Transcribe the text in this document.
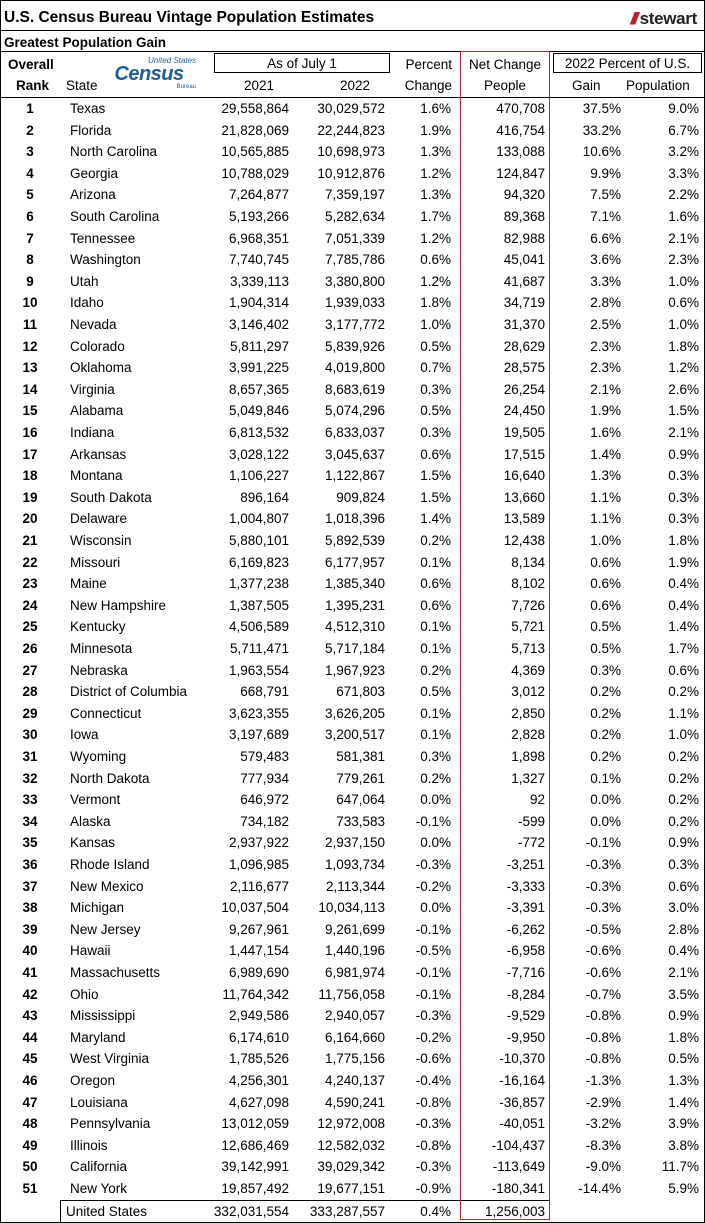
U.S. Census Bureau Vintage Population Estimates	/// stewart
Greatest Population Gain
Overall
Rank State
United States
Census
Bureau
As of July 1
2021	2022
Percent
Change
Net Change
People
2022 Percent of U.S.
Gain Population
1	Texas	29,558,864 30,029,572	1.6%	470,708	37.5%	9.0%
2	Florida	21,828,069 22,244,823	1.9%	416,754	33.2%	6.7%
3	North Carolina	10,565,885 10,698,973	1.3%	133,088	10.6%	3.2%
4	Georgia	10,788,029 10,912,876	1.2%	124,847	9.9%	3.3%
5	Arizona	7,264,877	7,359,197	1.3%	94,320	7.5%	2.2%
6	South Carolina	5,193,266	5,282,634	1.7%	89,368	7.1%	1.6%
7	Tennessee	6,968,351	7,051,339	1.2%	82,988	6.6%	2.1%
8	Washington	7,740,745	7,785,786	0.6%	45,041	3.6%	2.3%
9	Utah	3,339,113	3,380,800	1.2%	41,687	3.3%	1.0%
10	Idaho	1,904,314	1,939,033	1.8%	34,719	2.8%	0.6%
11	Nevada	3,146,402	3,177,772	1.0%	31,370	2.5%	1.0%
12	Colorado	5,811,297	5,839,926	0.5%	28,629	2.3%	1.8%
13	Oklahoma	3,991,225	4,019,800	0.7%	28,575	2.3%	1.2%
14	Virginia	8,657,365	8,683,619	0.3%	26,254	2.1%	2.6%
15	Alabama	5,049,846	5,074,296	0.5%	24,450	1.9%	1.5%
16	Indiana	6,813,532	6,833,037	0.3%	19,505	1.6%	2.1%
17	Arkansas	3,028,122	3,045,637	0.6%	17,515	1.4%	0.9%
18	Montana	1,106,227	1,122,867	1.5%	16,640	1.3%	0.3%
19	South Dakota	896,164	909,824	1.5%	13,660	1.1%	0.3%
20	Delaware	1,004,807	1,018,396	1.4%	13,589	1.1%	0.3%
21	Wisconsin	5,880,101	5,892,539	0.2%	12,438	1.0%	1.8%
22	Missouri	6,169,823	6,177,957	0.1%	8,134	0.6%	1.9%
23	Maine	1,377,238	1,385,340	0.6%	8,102	0.6%	0.4%
24	New Hampshire	1,387,505	1,395,231	0.6%	7,726	0.6%	0.4%
25	Kentucky	4,506,589	4,512,310	0.1%	5,721	0.5%	1.4%
26	Minnesota	5,711,471	5,717,184	0.1%	5,713	0.5%	1.7%
27	Nebraska	1,963,554	1,967,923	0.2%	4,369	0.3%	0.6%
28	District of Columbia	668,791	671,803	0.5%	3,012	0.2%	0.2%
29	Connecticut	3,623,355	3,626,205	0.1%	2,850	0.2%	1.1%
30	Iowa	3,197,689	3,200,517	0.1%	2,828	0.2%	1.0%
31	Wyoming	579,483	581,381	0.3%	1,898	0.2%	0.2%
32	North Dakota	777,934	779,261	0.2%	1,327	0.1%	0.2%
33	Vermont	646,972	647,064	0.0%	92	0.0%	0.2%
34	Alaska	734,182	733,583 -0.1%	-599	0.0%	0.2%
35	Kansas	2,937,922	2,937,150	0.0%	-772	-0.1%	0.9%
36	Rhode Island	1,096,985	1,093,734 -0.3%	-3,251	-0.3%	0.3%
37	New Mexico	2,116,677	2,113,344 -0.2%	-3,333	-0.3%	0.6%
38	Michigan	10,037,504 10,034,113	0.0%	-3,391	-0.3%	3.0%
39	New Jersey	9,267,961	9,261,699 -0.1%	-6,262	-0.5%	2.8%
40	Hawaii	1,447,154	1,440,196 -0.5%	-6,958	-0.6%	0.4%
41	Massachusetts	6,989,690	6,981,974 -0.1%	-7,716	-0.6%	2.1%
42	Ohio	11,764,342 11,756,058 -0.1%	-8,284	-0.7%	3.5%
43	Mississippi	2,949,586	2,940,057 -0.3%	-9,529	-0.8%	0.9%
44	Maryland	6,174,610	6,164,660 -0.2%	-9,950	-0.8%	1.8%
45	West Virginia	1,785,526	1,775,156 -0.6%	-10,370	-0.8%	0.5%
46	Oregon	4,256,301	4,240,137 -0.4%	-16,164	-1.3%	1.3%
47	Louisiana	4,627,098	4,590,241 -0.8%	-36,857	-2.9%	1.4%
48	Pennsylvania	13,012,059 12,972,008 -0.3%	-40,051	-3.2%	3.9%
49	Illinois	12,686,469 12,582,032 -0.8%	-104,437	-8.3%	3.8%
50	California	39,142,991 39,029,342 -0.3%	-113,649	-9.0%	11.7%
51	New York	19,857,492 19,677,151 -0.9%	-180,341 -14.4%	5.9%
United States	332,031,554 333,287,557	0.4%	1,256,003
